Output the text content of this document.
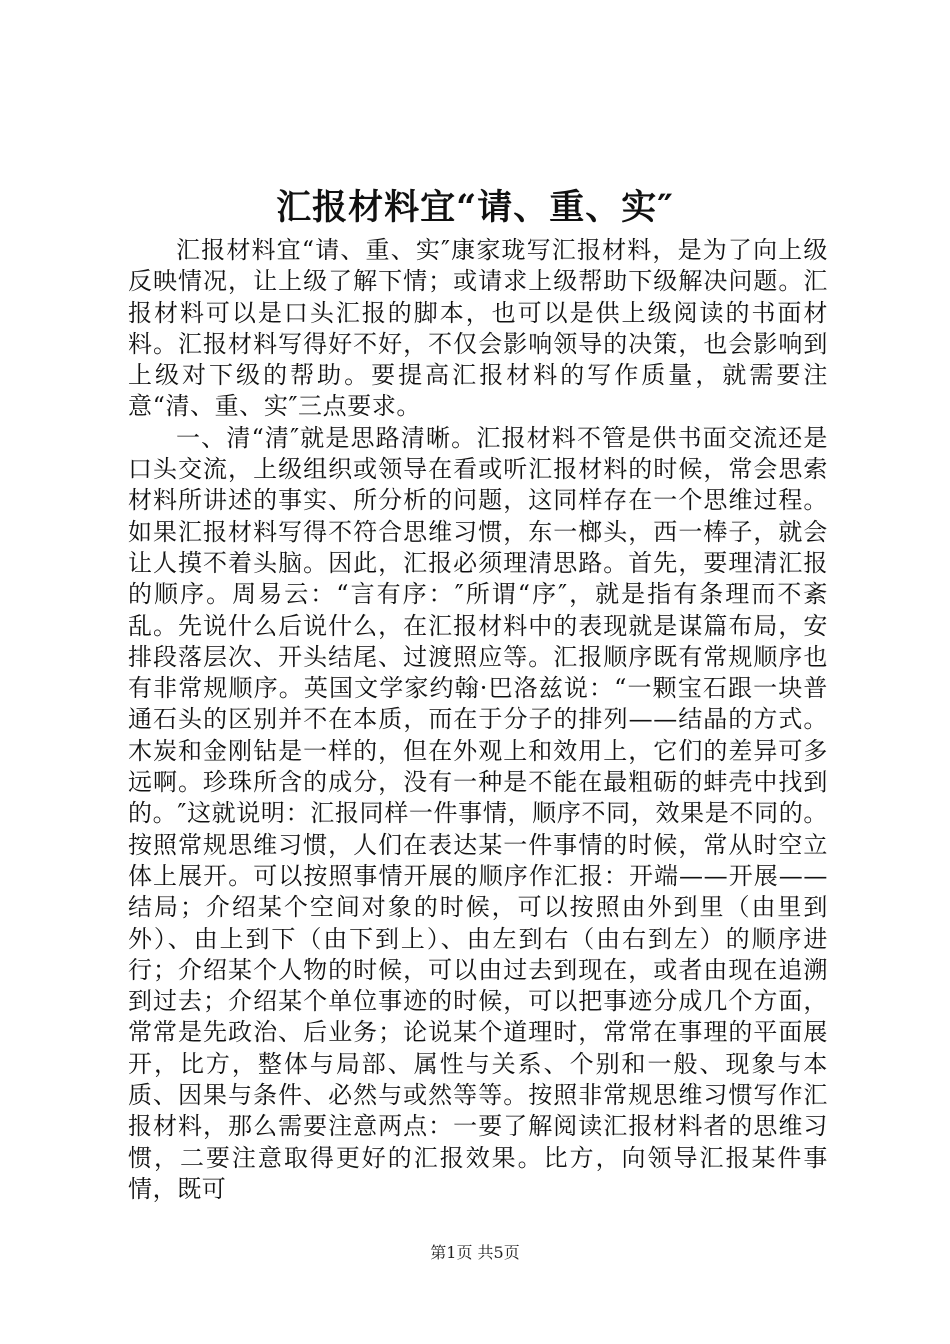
汇报材料宜“请、重、实″

汇报材料宜“请、重、实″康家珑写汇报材料，是为了向上级反映情况，让上级了解下情；或请求上级帮助下级解决问题。汇报材料可以是口头汇报的脚本，也可以是供上级阅读的书面材料。汇报材料写得好不好，不仅会影响领导的决策，也会影响到上级对下级的帮助。要提高汇报材料的写作质量，就需要注意“清、重、实″三点要求。

一、清“清″就是思路清晰。汇报材料不管是供书面交流还是口头交流，上级组织或领导在看或听汇报材料的时候，常会思索材料所讲述的事实、所分析的问题，这同样存在一个思维过程。如果汇报材料写得不符合思维习惯，东一榔头，西一棒子，就会让人摸不着头脑。因此，汇报必须理清思路。首先，要理清汇报的顺序。周易云：“言有序：″所谓“序″，就是指有条理而不紊乱。先说什么后说什么，在汇报材料中的表现就是谋篇布局，安排段落层次、开头结尾、过渡照应等。汇报顺序既有常规顺序也有非常规顺序。英国文学家约翰·巴洛兹说：“一颗宝石跟一块普通石头的区别并不在本质，而在于分子的排列——结晶的方式。木炭和金刚钻是一样的，但在外观上和效用上，它们的差异可多远啊。珍珠所含的成分，没有一种是不能在最粗砺的蚌壳中找到的。″这就说明：汇报同样一件事情，顺序不同，效果是不同的。按照常规思维习惯，人们在表达某一件事情的时候，常从时空立体上展开。可以按照事情开展的顺序作汇报：开端——开展——结局；介绍某个空间对象的时候，可以按照由外到里（由里到外）、由上到下（由下到上）、由左到右（由右到左）的顺序进行；介绍某个人物的时候，可以由过去到现在，或者由现在追溯到过去；介绍某个单位事迹的时候，可以把事迹分成几个方面，常常是先政治、后业务；论说某个道理时，常常在事理的平面展开，比方，整体与局部、属性与关系、个别和一般、现象与本质、因果与条件、必然与或然等等。按照非常规思维习惯写作汇报材料，那么需要注意两点：一要了解阅读汇报材料者的思维习惯，二要注意取得更好的汇报效果。比方，向领导汇报某件事情，既可

第1页 共5页
